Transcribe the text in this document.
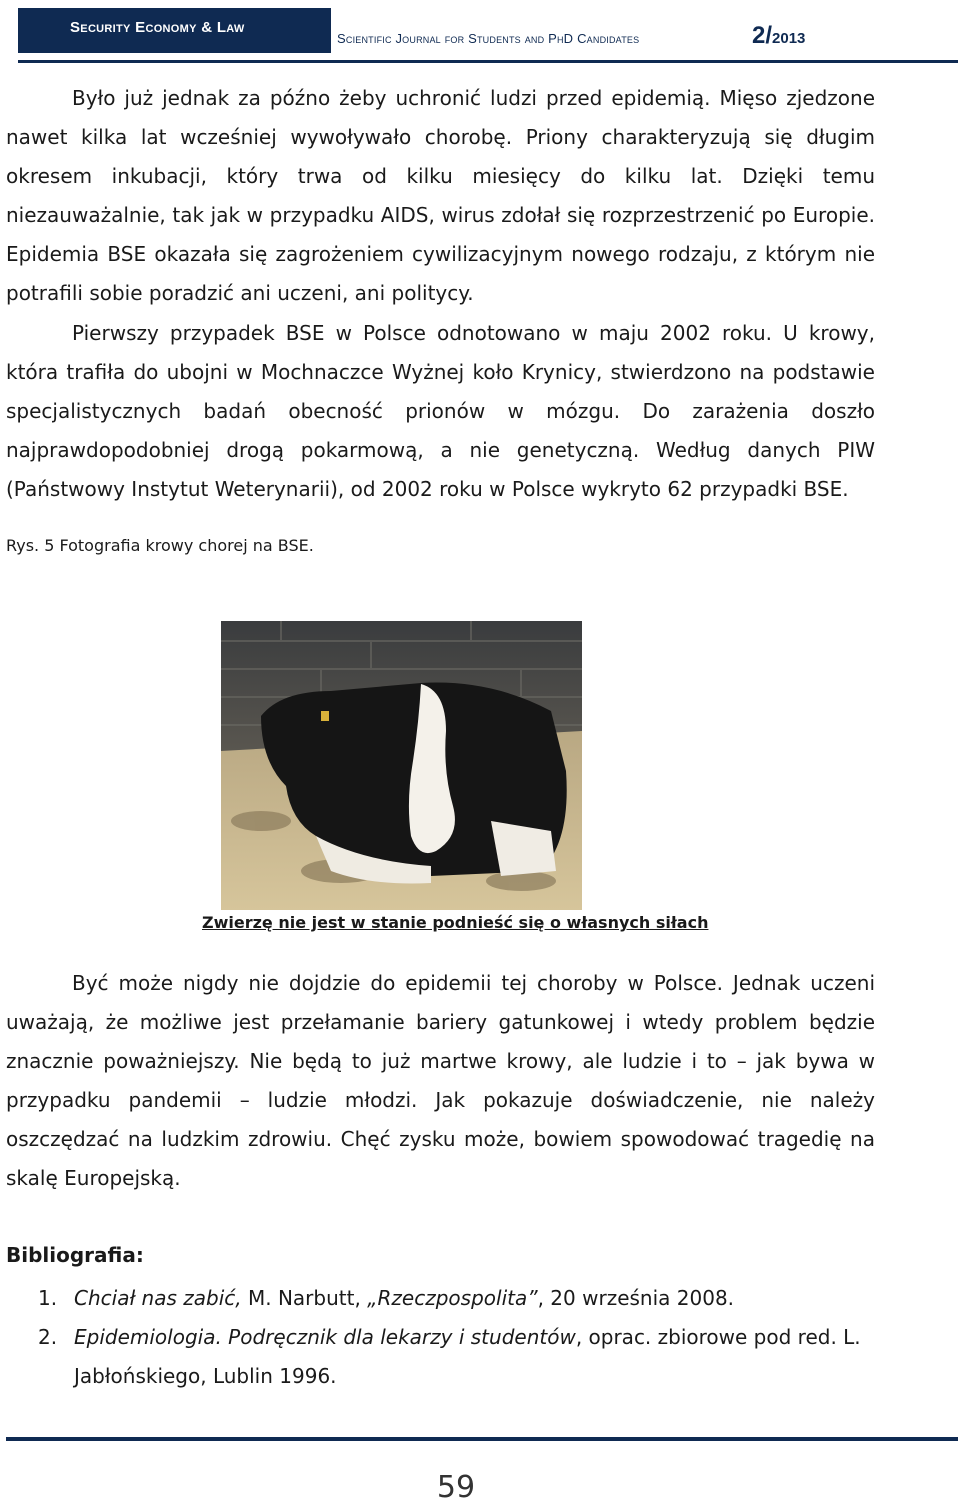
Security Economy & Law
Scientific Journal for Students and PhD Candidates	2/2013

Było już jednak za późno żeby uchronić ludzi przed epidemią. Mięso zjedzone nawet kilka lat wcześniej wywoływało chorobę. Priony charakteryzują się długim okresem inkubacji, który trwa od kilku miesięcy do kilku lat. Dzięki temu niezauważalnie, tak jak w przypadku AIDS, wirus zdołał się rozprzestrzenić po Europie. Epidemia BSE okazała się zagrożeniem cywilizacyjnym nowego rodzaju, z którym nie potrafili sobie poradzić ani uczeni, ani politycy.

Pierwszy przypadek BSE w Polsce odnotowano w maju 2002 roku. U krowy, która trafiła do ubojni w Mochnaczce Wyżnej koło Krynicy, stwierdzono na podstawie specjalistycznych badań obecność prionów w mózgu. Do zarażenia doszło najprawdopodobniej drogą pokarmową, a nie genetyczną. Według danych PIW (Państwowy Instytut Weterynarii), od 2002 roku w Polsce wykryto 62 przypadki BSE.

Rys. 5 Fotografia krowy chorej na BSE.
Zwierzę nie jest w stanie podnieść się o własnych siłach

Być może nigdy nie dojdzie do epidemii tej choroby w Polsce. Jednak uczeni uważają, że możliwe jest przełamanie bariery gatunkowej i wtedy problem będzie znacznie poważniejszy. Nie będą to już martwe krowy, ale ludzie i to – jak bywa w przypadku pandemii – ludzie młodzi. Jak pokazuje doświadczenie, nie należy oszczędzać na ludzkim zdrowiu. Chęć zysku może, bowiem spowodować tragedię na skalę Europejską.

Bibliografia:
1. Chciał nas zabić, M. Narbutt, „Rzeczpospolita”, 20 września 2008.
2. Epidemiologia. Podręcznik dla lekarzy i studentów, oprac. zbiorowe pod red. L. Jabłońskiego, Lublin 1996.
59
